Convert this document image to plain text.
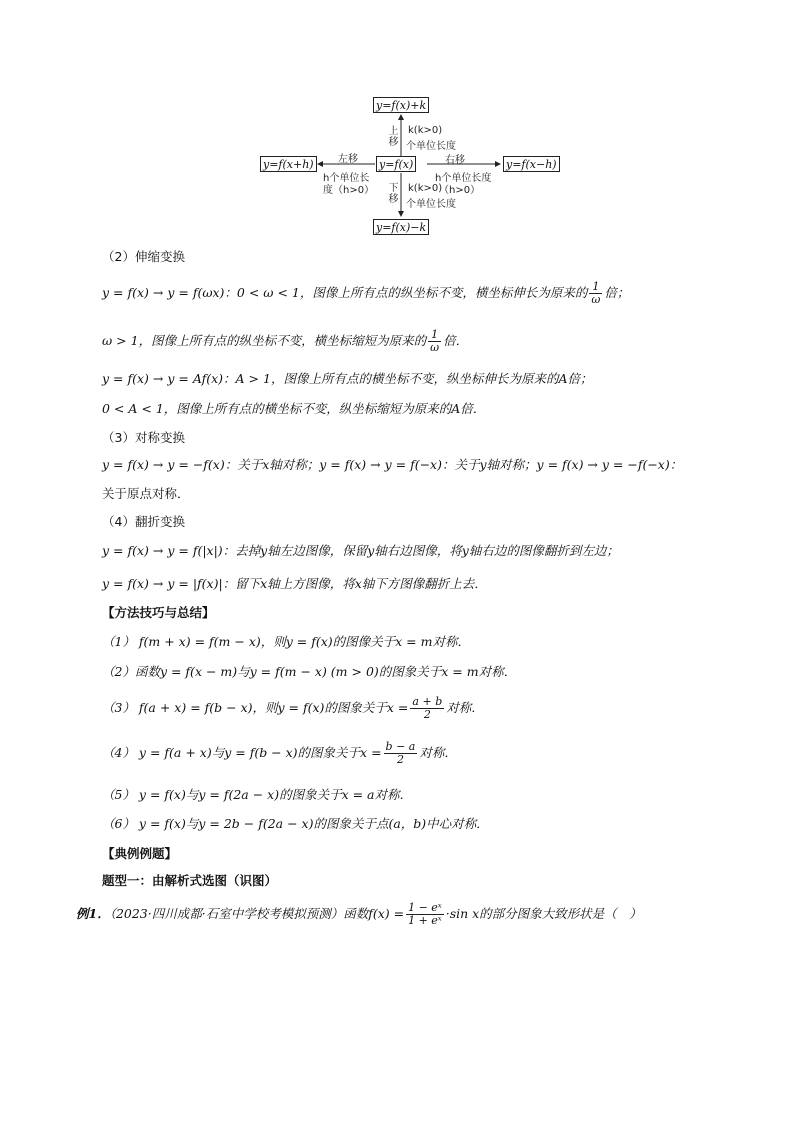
y=f(x)+k
y=f(x)
y=f(x)−k
y=f(x+h)	y=f(x−h)
上移
k(k>0)
个单位长度
下移
k(k>0)
个单位长度
左移
h个单位长
度（h>0）
右移
h个单位长度
（h>0）
（2）伸缩变换
y = f(x) → y = f(ωx)：0 < ω < 1，图像上所有点的纵坐标不变，横坐标伸长为原来的 $\frac{1}{\omega}$ 倍；
ω > 1，图像上所有点的纵坐标不变，横坐标缩短为原来的 $\frac{1}{\omega}$ 倍．
y = f(x) → y = Af(x)：A > 1，图像上所有点的横坐标不变，纵坐标伸长为原来的A倍；
0 < A < 1，图像上所有点的横坐标不变，纵坐标缩短为原来的A倍．
（3）对称变换
y = f(x) → y = −f(x)：关于x轴对称；y = f(x) → y = f(−x)：关于y轴对称；y = f(x) → y = −f(−x)：
关于原点对称．
（4）翻折变换
y = f(x) → y = f(|x|)：去掉y轴左边图像，保留y轴右边图像，将y轴右边的图像翻折到左边；
y = f(x) → y = |f(x)|：留下x轴上方图像，将x轴下方图像翻折上去．
【方法技巧与总结】
（1） f(m + x) = f(m − x)，则y = f(x)的图像关于x = m对称．
（2）函数y = f(x − m)与y = f(m − x) (m > 0)的图象关于x = m对称．
（3） f(a + x) = f(b − x)，则y = f(x)的图象关于$x = \frac{a + b}{2}$ 对称．
（4） y = f(a + x)与y = f(b − x)的图象关于$x = \frac{b - a}{2}$ 对称．
（5） y = f(x)与y = f(2a − x)的图象关于x = a对称．
（6） y = f(x)与y = 2b − f(2a − x)的图象关于点(a，b)中心对称．
【典例例题】
题型一：由解析式选图（识图）
例1．（2023·四川成都·石室中学校考模拟预测）函数$f(x) = \frac{\text{1 − eˣ}}{\text{1 + eˣ}} \cdot\sin$ x的部分图象大致形状是（　）
